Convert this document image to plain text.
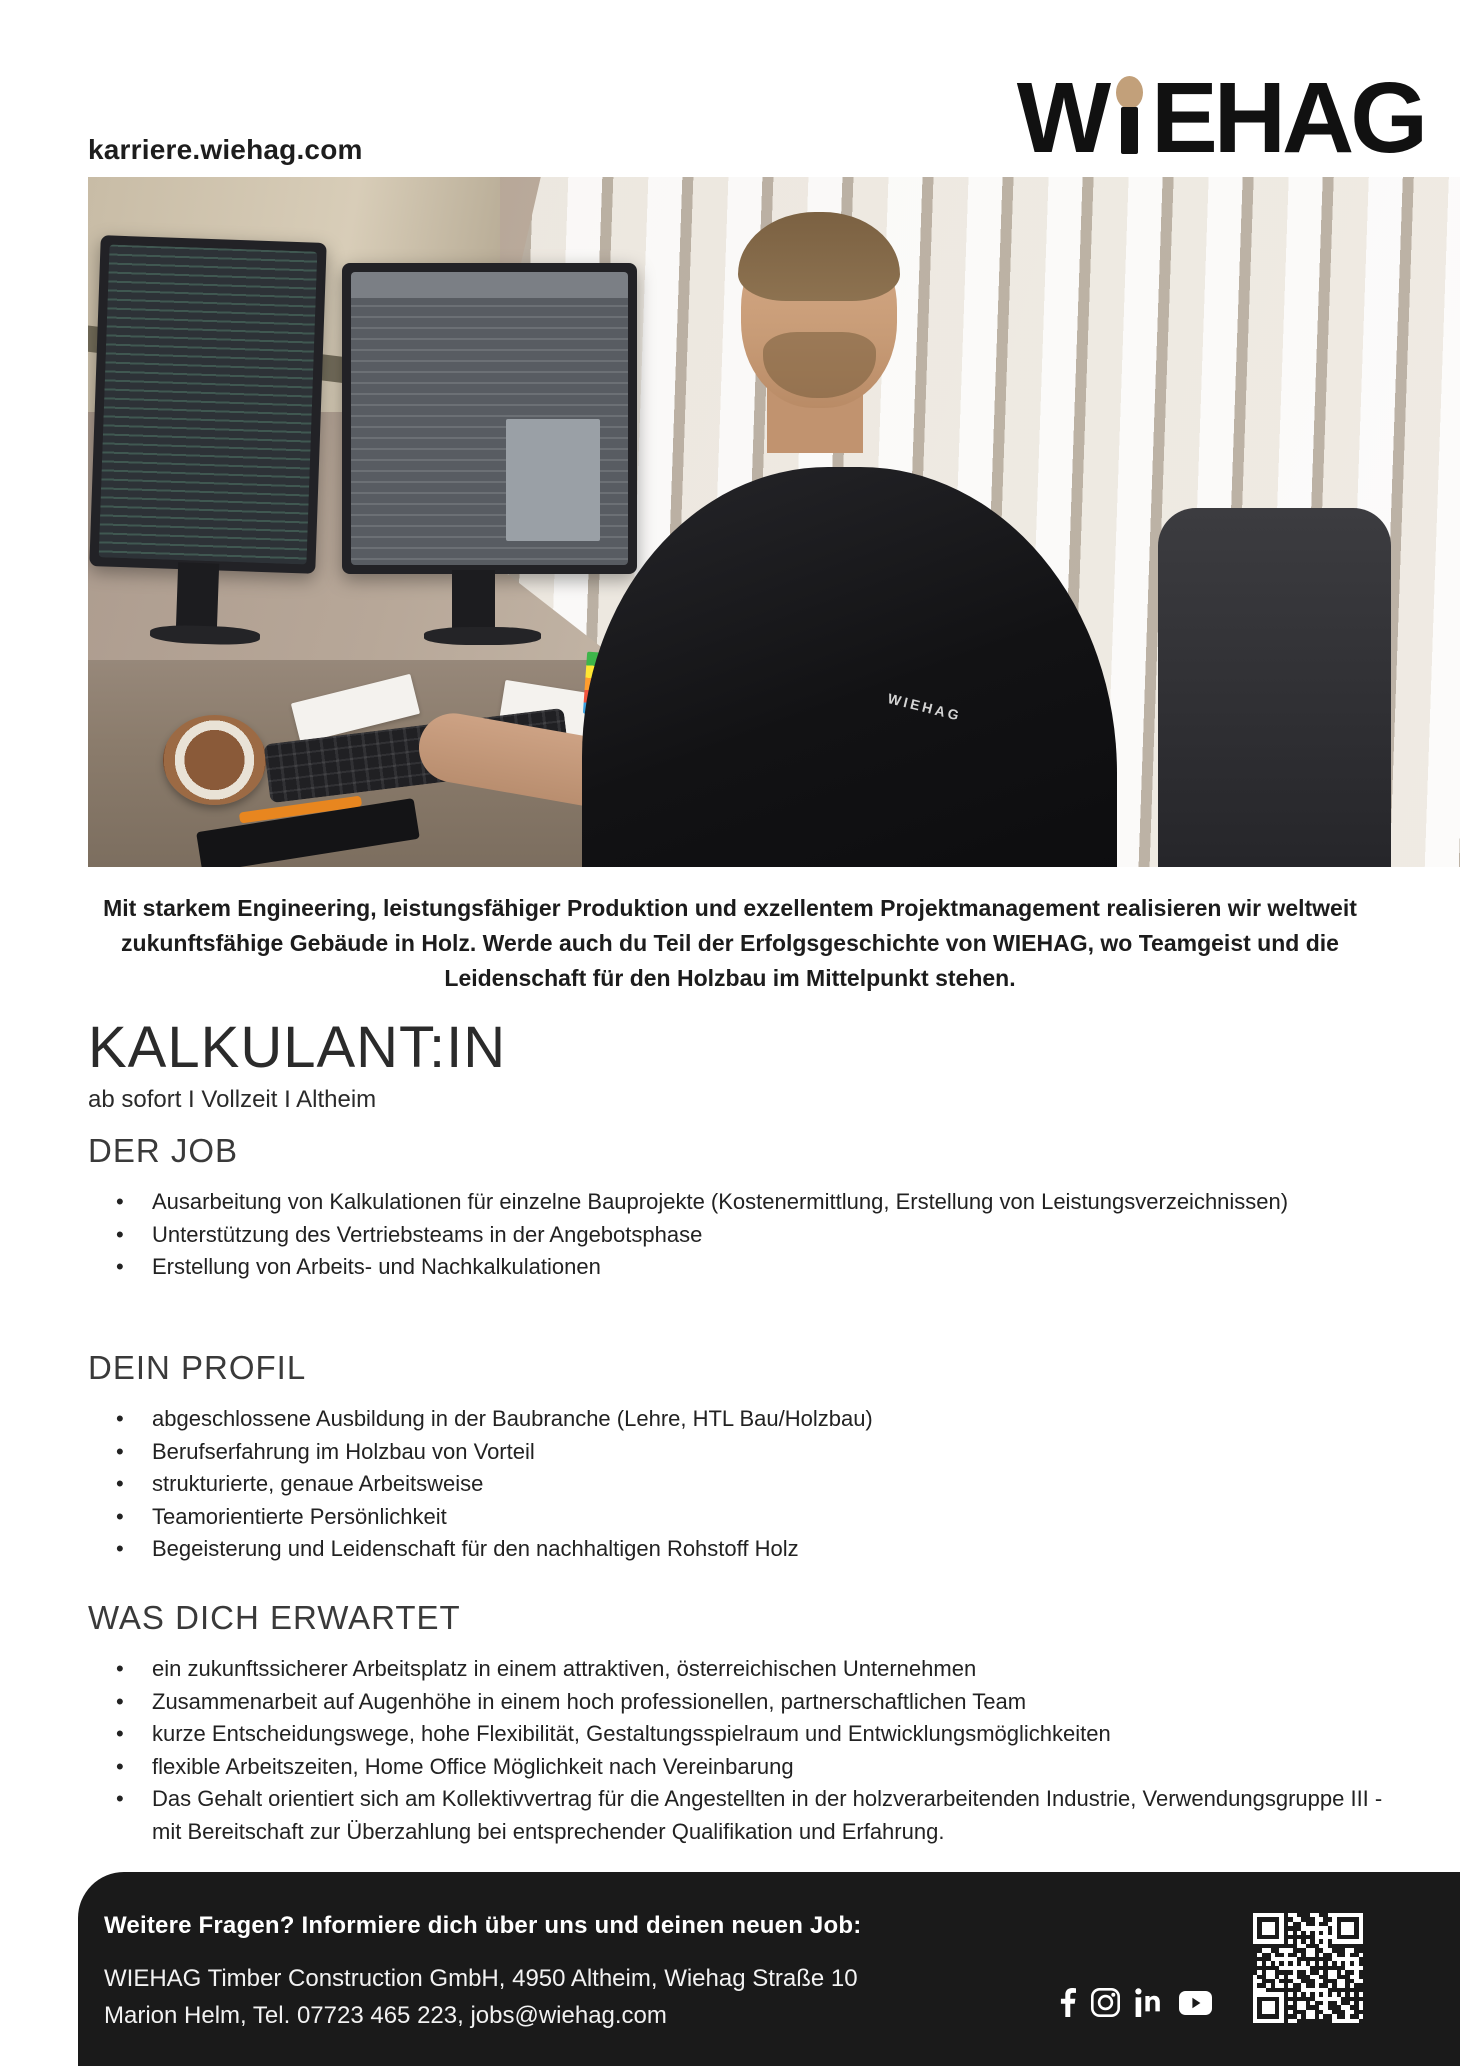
karriere.wiehag.com	W EHAG
WIEHAG

Mit starkem Engineering, leistungsfähiger Produktion und exzellentem Projektmanagement realisieren wir weltweit zukunftsfähige Gebäude in Holz. Werde auch du Teil der Erfolgsgeschichte von WIEHAG, wo Teamgeist und die Leidenschaft für den Holzbau im Mittelpunkt stehen.

KALKULANT:IN
ab sofort I Vollzeit I Altheim
DER JOB
• Ausarbeitung von Kalkulationen für einzelne Bauprojekte (Kostenermittlung, Erstellung von Leistungsverzeichnissen)
• Unterstützung des Vertriebsteams in der Angebotsphase
• Erstellung von Arbeits- und Nachkalkulationen
DEIN PROFIL
• abgeschlossene Ausbildung in der Baubranche (Lehre, HTL Bau/Holzbau)
• Berufserfahrung im Holzbau von Vorteil
• strukturierte, genaue Arbeitsweise
• Teamorientierte Persönlichkeit
• Begeisterung und Leidenschaft für den nachhaltigen Rohstoff Holz
WAS DICH ERWARTET
• ein zukunftssicherer Arbeitsplatz in einem attraktiven, österreichischen Unternehmen
• Zusammenarbeit auf Augenhöhe in einem hoch professionellen, partnerschaftlichen Team
• kurze Entscheidungswege, hohe Flexibilität, Gestaltungsspielraum und Entwicklungsmöglichkeiten
• flexible Arbeitszeiten, Home Office Möglichkeit nach Vereinbarung
• Das Gehalt orientiert sich am Kollektivvertrag für die Angestellten in der holzverarbeitenden Industrie, Verwendungsgruppe III - mit Bereitschaft zur Überzahlung bei entsprechender Qualifikation und Erfahrung.
Weitere Fragen? Informiere dich über uns und deinen neuen Job:
WIEHAG Timber Construction GmbH, 4950 Altheim, Wiehag Straße 10
Marion Helm, Tel. 07723 465 223, jobs@wiehag.com
